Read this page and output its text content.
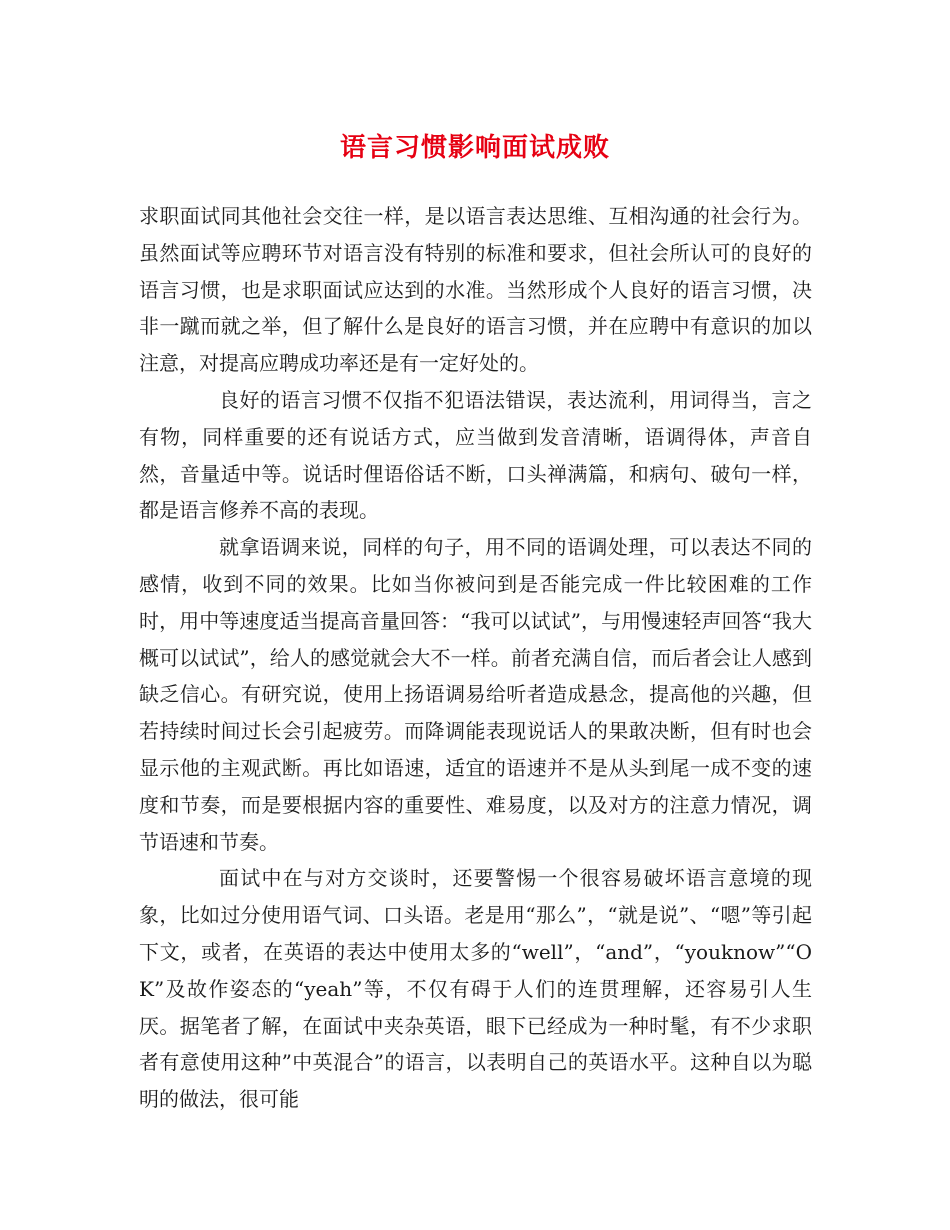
语言习惯影响面试成败

求职面试同其他社会交往一样，是以语言表达思维、互相沟通的社会行为。虽然面试等应聘环节对语言没有特别的标准和要求，但社会所认可的良好的语言习惯，也是求职面试应达到的水准。当然形成个人良好的语言习惯，决非一蹴而就之举，但了解什么是良好的语言习惯，并在应聘中有意识的加以注意，对提高应聘成功率还是有一定好处的。

良好的语言习惯不仅指不犯语法错误，表达流利，用词得当，言之有物，同样重要的还有说话方式，应当做到发音清晰，语调得体，声音自然，音量适中等。说话时俚语俗话不断，口头禅满篇，和病句、破句一样，都是语言修养不高的表现。

就拿语调来说，同样的句子，用不同的语调处理，可以表达不同的感情，收到不同的效果。比如当你被问到是否能完成一件比较困难的工作时，用中等速度适当提高音量回答：“我可以试试”，与用慢速轻声回答“我大概可以试试”，给人的感觉就会大不一样。前者充满自信，而后者会让人感到缺乏信心。有研究说，使用上扬语调易给听者造成悬念，提高他的兴趣，但若持续时间过长会引起疲劳。而降调能表现说话人的果敢决断，但有时也会显示他的主观武断。再比如语速，适宜的语速并不是从头到尾一成不变的速度和节奏，而是要根据内容的重要性、难易度，以及对方的注意力情况，调节语速和节奏。

面试中在与对方交谈时，还要警惕一个很容易破坏语言意境的现象，比如过分使用语气词、口头语。老是用“那么”，“就是说”、“嗯”等引起下文，或者，在英语的表达中使用太多的“well”，“and”，“youknow”“OK”及故作姿态的“yeah”等，不仅有碍于人们的连贯理解，还容易引人生厌。据笔者了解，在面试中夹杂英语，眼下已经成为一种时髦，有不少求职者有意使用这种”中英混合”的语言，以表明自己的英语水平。这种自以为聪明的做法，很可能
